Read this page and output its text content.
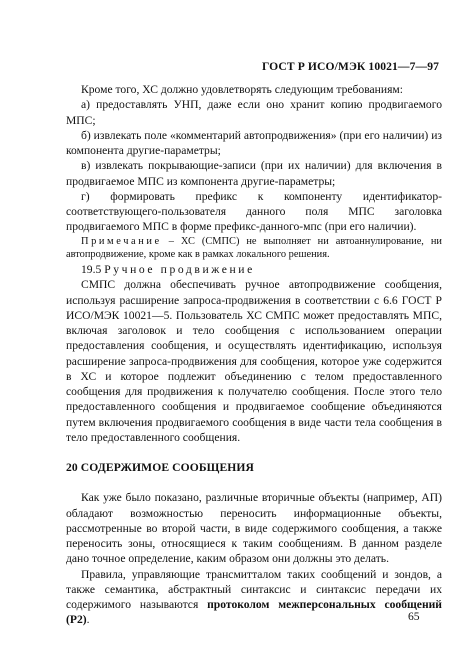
ГОСТ Р ИСО/МЭК 10021—7—97

Кроме того, ХС должно удовлетворять следующим требованиям:

а) предоставлять УНП, даже если оно хранит копию продвигаемого МПС;

б) извлекать поле «комментарий автопродвижения» (при его наличии) из компонента другие-параметры;

в) извлекать покрывающие-записи (при их наличии) для включения в продвигаемое МПС из компонента другие-параметры;

г) формировать префикс к компоненту идентификатор-соответствующего-пользователя данного поля МПС заголовка продвигаемого МПС в форме префикс-данного-мпс (при его наличии).

Примечание – ХС (СМПС) не выполняет ни автоаннулирование, ни автопродвижение, кроме как в рамках локального решения.

19.5 Ручное продвижение

СМПС должна обеспечивать ручное автопродвижение сообщения, используя расширение запроса-продвижения в соответствии с 6.6 ГОСТ Р ИСО/МЭК 10021—5. Пользователь ХС СМПС может предоставлять МПС, включая заголовок и тело сообщения с использованием операции предоставления сообщения, и осуществлять идентификацию, используя расширение запроса-продвижения для сообщения, которое уже содержится в ХС и которое подлежит объединению с телом предоставленного сообщения для продвижения к получателю сообщения. После этого тело предоставленного сообщения и продвигаемое сообщение объединяются путем включения продвигаемого сообщения в виде части тела сообщения в тело предоставленного сообщения.

20 СОДЕРЖИМОЕ СООБЩЕНИЯ

Как уже было показано, различные вторичные объекты (например, АП) обладают возможностью переносить информационные объекты, рассмотренные во второй части, в виде содержимого сообщения, а также переносить зоны, относящиеся к таким сообщениям. В данном разделе дано точное определение, каким образом они должны это делать.

Правила, управляющие трансмитталом таких сообщений и зондов, а также семантика, абстрактный синтаксис и синтаксис передачи их содержимого называются протоколом межперсональных сообщений (Р2).	65
